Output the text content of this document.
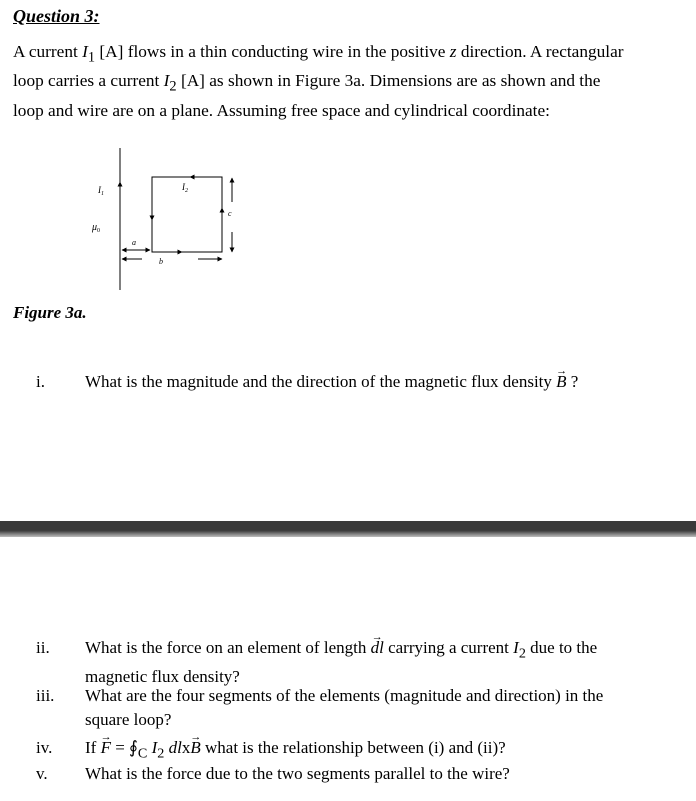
Question 3:

A current $I_1$ [A] flows in a thin conducting wire in the positive z direction. A rectangular loop carries a current $I_2$ [A] as shown in Figure 3a. Dimensions are as shown and the loop and wire are on a plane. Assuming free space and cylindrical coordinate:

$I_1$
$\mu_0$
$I_2$
c
a
b
Figure 3a.
i. What is the magnitude and the direction of the magnetic flux density B → ?
ii. What is the force on an element of length dl → carrying a current $I_2$ due to the magnetic flux density?
iii. What are the four segments of the elements (magnitude and direction) in the square loop?
iv. If F → = $∮_C$ $I_2$ dlxB → what is the relationship between (i) and (ii)?
v. What is the force due to the two segments parallel to the wire?
